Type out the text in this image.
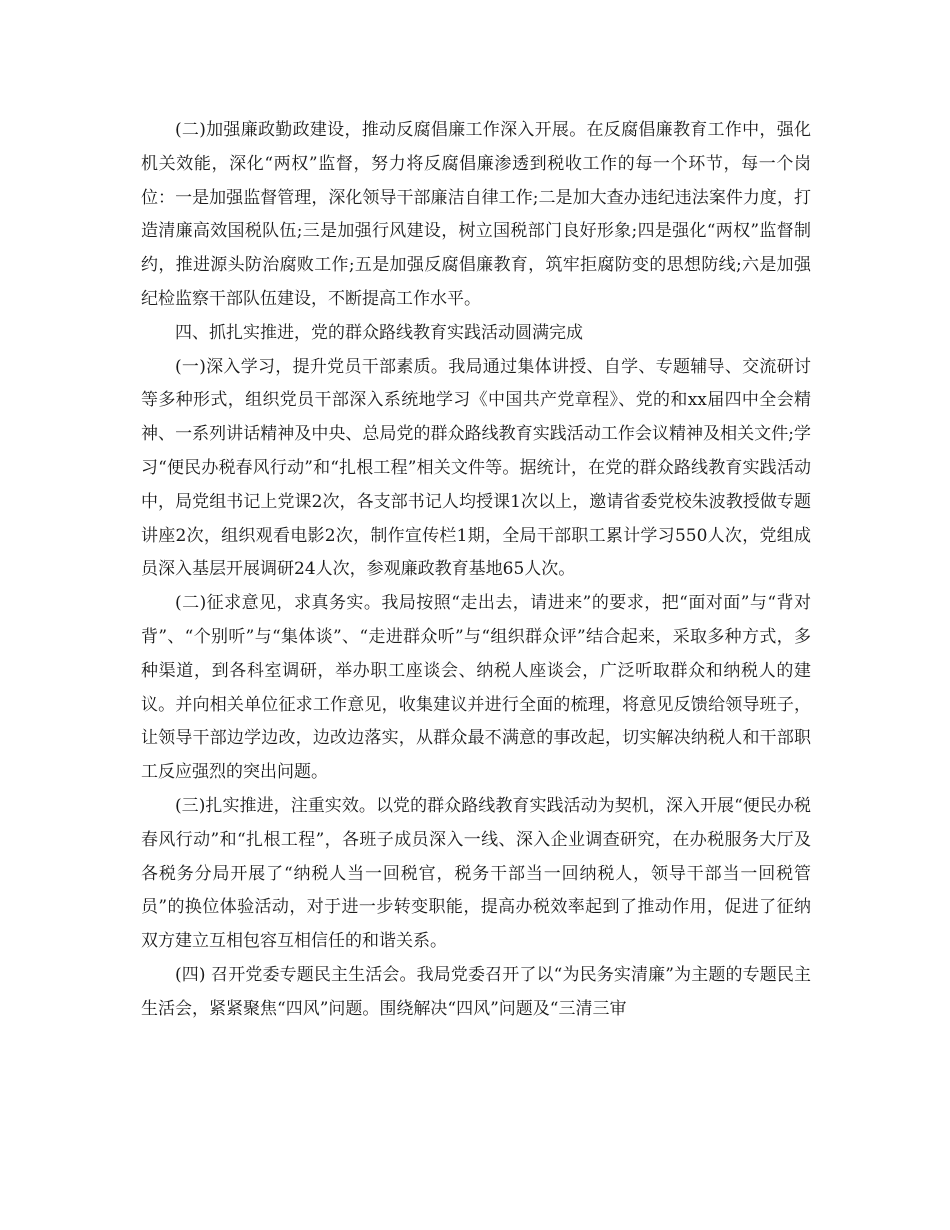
(二)加强廉政勤政建设，推动反腐倡廉工作深入开展。在反腐倡廉教育工作中，强化机关效能，深化“两权”监督，努力将反腐倡廉渗透到税收工作的每一个环节，每一个岗位：一是加强监督管理，深化领导干部廉洁自律工作;二是加大查办违纪违法案件力度，打造清廉高效国税队伍;三是加强行风建设，树立国税部门良好形象;四是强化“两权”监督制约，推进源头防治腐败工作;五是加强反腐倡廉教育，筑牢拒腐防变的思想防线;六是加强纪检监察干部队伍建设，不断提高工作水平。

四、抓扎实推进，党的群众路线教育实践活动圆满完成

(一)深入学习，提升党员干部素质。我局通过集体讲授、自学、专题辅导、交流研讨等多种形式，组织党员干部深入系统地学习《中国共产党章程》、党的和xx届四中全会精神、一系列讲话精神及中央、总局党的群众路线教育实践活动工作会议精神及相关文件;学习“便民办税春风行动”和“扎根工程”相关文件等。据统计，在党的群众路线教育实践活动中，局党组书记上党课2次，各支部书记人均授课1次以上，邀请省委党校朱波教授做专题讲座2次，组织观看电影2次，制作宣传栏1期，全局干部职工累计学习550人次，党组成员深入基层开展调研24人次，参观廉政教育基地65人次。

(二)征求意见，求真务实。我局按照“走出去，请进来”的要求，把“面对面”与“背对背”、“个别听”与“集体谈”、“走进群众听”与“组织群众评”结合起来，采取多种方式，多种渠道，到各科室调研，举办职工座谈会、纳税人座谈会，广泛听取群众和纳税人的建议。并向相关单位征求工作意见，收集建议并进行全面的梳理，将意见反馈给领导班子，让领导干部边学边改，边改边落实，从群众最不满意的事改起，切实解决纳税人和干部职工反应强烈的突出问题。

(三)扎实推进，注重实效。以党的群众路线教育实践活动为契机，深入开展“便民办税春风行动”和“扎根工程”，各班子成员深入一线、深入企业调查研究，在办税服务大厅及各税务分局开展了“纳税人当一回税官，税务干部当一回纳税人，领导干部当一回税管员”的换位体验活动，对于进一步转变职能，提高办税效率起到了推动作用，促进了征纳双方建立互相包容互相信任的和谐关系。

(四) 召开党委专题民主生活会。我局党委召开了以“为民务实清廉”为主题的专题民主生活会，紧紧聚焦“四风”问题。围绕解决“四风”问题及“三清三审
